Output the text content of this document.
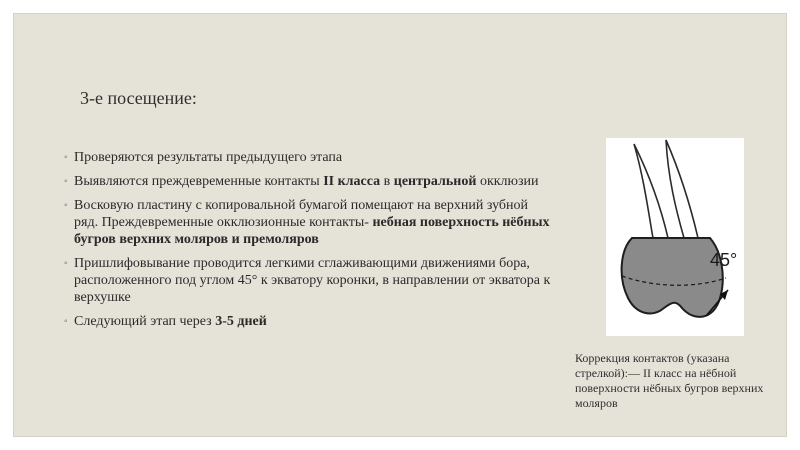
3-е посещение:
◦ Проверяются результаты предыдущего этапа
◦ Выявляются преждевременные контакты II класса в центральной окклюзии
◦ Восковую пластину с копировальной бумагой помещают на верхний зубной ряд. Преждевременные окклюзионные контакты- небная поверхность нёбных бугров верхних моляров и премоляров
◦ Пришлифовывание проводится легкими сглаживающими движениями бора, расположенного под углом 45° к экватору коронки, в направлении от экватора к верхушке
◦ Следующий этап через 3-5 дней
45°
Коррекция контактов (указана стрелкой):— II класс на нёбной поверхности нёбных бугров верхних моляров
